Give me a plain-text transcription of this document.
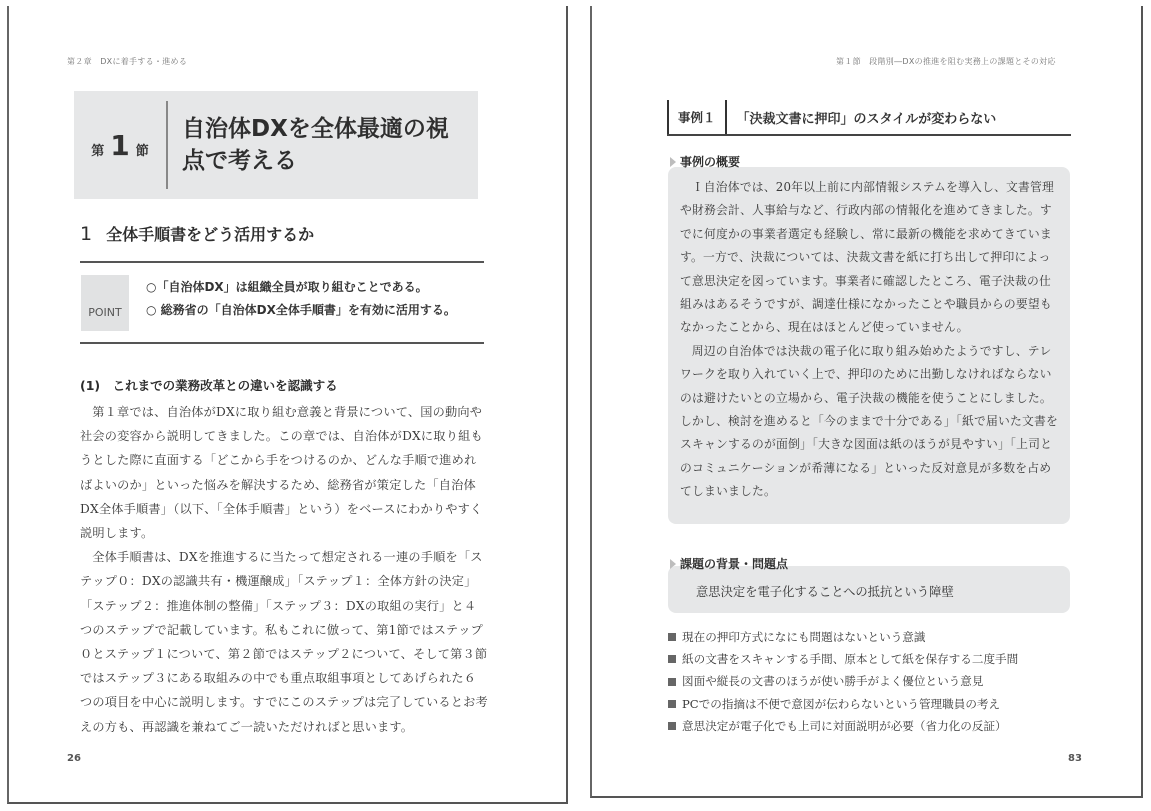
第２章　DXに着手する・進める
第 1 節
自治体DXを全体最適の視点で考える
1 全体手順書をどう活用するか
POINT
○「自治体DX」は組織全員が取り組むことである。
○ 総務省の「自治体DX全体手順書」を有効に活用する。
(1)　これまでの業務改革との違いを認識する

第１章では、自治体がDXに取り組む意義と背景について、国の動向や社会の変容から説明してきました。この章では、自治体がDXに取り組もうとした際に直面する「どこから手をつけるのか、どんな手順で進めればよいのか」といった悩みを解決するため、総務省が策定した「自治体DX全体手順書」（以下、「全体手順書」という）をベースにわかりやすく説明します。

全体手順書は、DXを推進するに当たって想定される一連の手順を「ステップ０：DXの認識共有・機運醸成」「ステップ１：全体方針の決定」「ステップ２：推進体制の整備」「ステップ３：DXの取組の実行」と４つのステップで記載しています。私もこれに倣って、第1節ではステップ０とステップ１について、第２節ではステップ２について、そして第３節ではステップ３にある取組みの中でも重点取組事項としてあげられた６つの項目を中心に説明します。すでにこのステップは完了しているとお考えの方も、再認識を兼ねてご一読いただければと思います。

26
第１節　段階別―DXの推進を阻む実務上の課題とその対応
事例１	「決裁文書に押印」のスタイルが変わらない
事例の概要

Ｉ自治体では、20年以上前に内部情報システムを導入し、文書管理や財務会計、人事給与など、行政内部の情報化を進めてきました。すでに何度かの事業者選定も経験し、常に最新の機能を求めてきています。一方で、決裁については、決裁文書を紙に打ち出して押印によって意思決定を図っています。事業者に確認したところ、電子決裁の仕組みはあるそうですが、調達仕様になかったことや職員からの要望もなかったことから、現在はほとんど使っていません。

周辺の自治体では決裁の電子化に取り組み始めたようですし、テレワークを取り入れていく上で、押印のために出勤しなければならないのは避けたいとの立場から、電子決裁の機能を使うことにしました。しかし、検討を進めると「今のままで十分である」「紙で届いた文書をスキャンするのが面倒」「大きな図面は紙のほうが見やすい」「上司とのコミュニケーションが希薄になる」といった反対意見が多数を占めてしまいました。

課題の背景・問題点
意思決定を電子化することへの抵抗という障壁
現在の押印方式になにも問題はないという意識
紙の文書をスキャンする手間、原本として紙を保存する二度手間
図面や縦長の文書のほうが使い勝手がよく優位という意見
PCでの指摘は不便で意図が伝わらないという管理職員の考え
意思決定が電子化でも上司に対面説明が必要（省力化の反証）
83
